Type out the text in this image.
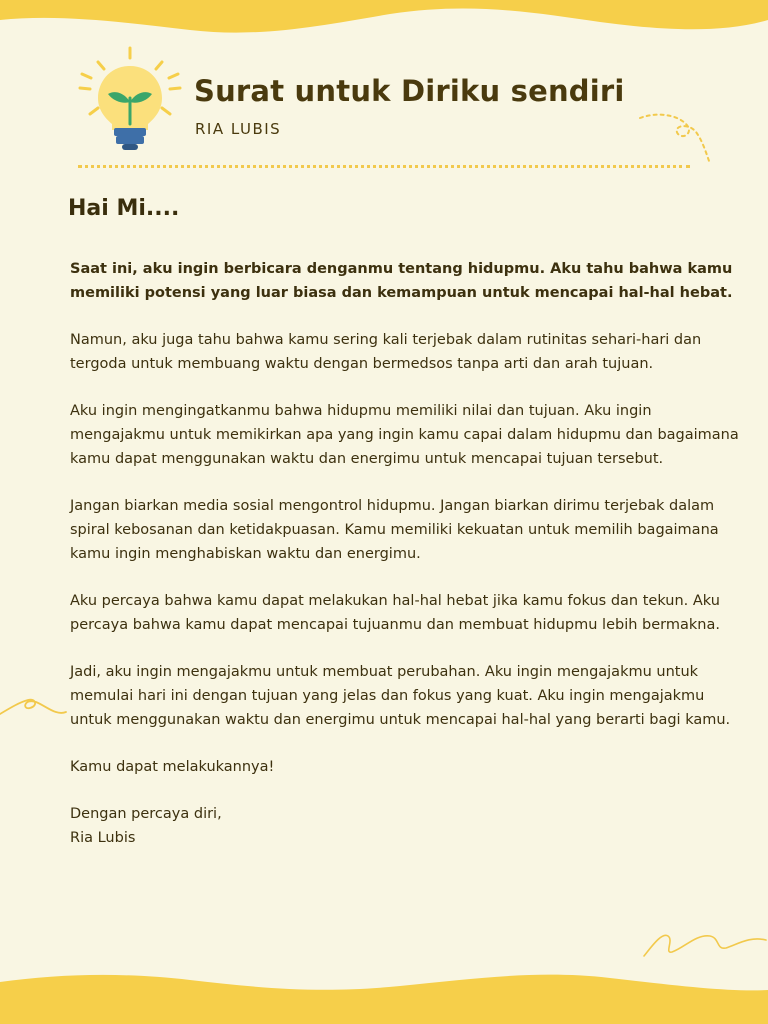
Surat untuk Diriku sendiri
RIA LUBIS
Hai Mi....

Saat ini, aku ingin berbicara denganmu tentang hidupmu. Aku tahu bahwa kamu memiliki potensi yang luar biasa dan kemampuan untuk mencapai hal-hal hebat.

Namun, aku juga tahu bahwa kamu sering kali terjebak dalam rutinitas sehari-hari dan tergoda untuk membuang waktu dengan bermedsos tanpa arti dan arah tujuan.

Aku ingin mengingatkanmu bahwa hidupmu memiliki nilai dan tujuan. Aku ingin mengajakmu untuk memikirkan apa yang ingin kamu capai dalam hidupmu dan bagaimana kamu dapat menggunakan waktu dan energimu untuk mencapai tujuan tersebut.

Jangan biarkan media sosial mengontrol hidupmu. Jangan biarkan dirimu terjebak dalam spiral kebosanan dan ketidakpuasan. Kamu memiliki kekuatan untuk memilih bagaimana kamu ingin menghabiskan waktu dan energimu.

Aku percaya bahwa kamu dapat melakukan hal-hal hebat jika kamu fokus dan tekun. Aku percaya bahwa kamu dapat mencapai tujuanmu dan membuat hidupmu lebih bermakna.

Jadi, aku ingin mengajakmu untuk membuat perubahan. Aku ingin mengajakmu untuk memulai hari ini dengan tujuan yang jelas dan fokus yang kuat. Aku ingin mengajakmu untuk menggunakan waktu dan energimu untuk mencapai hal-hal yang berarti bagi kamu.

Kamu dapat melakukannya!

Dengan percaya diri,

Ria Lubis
